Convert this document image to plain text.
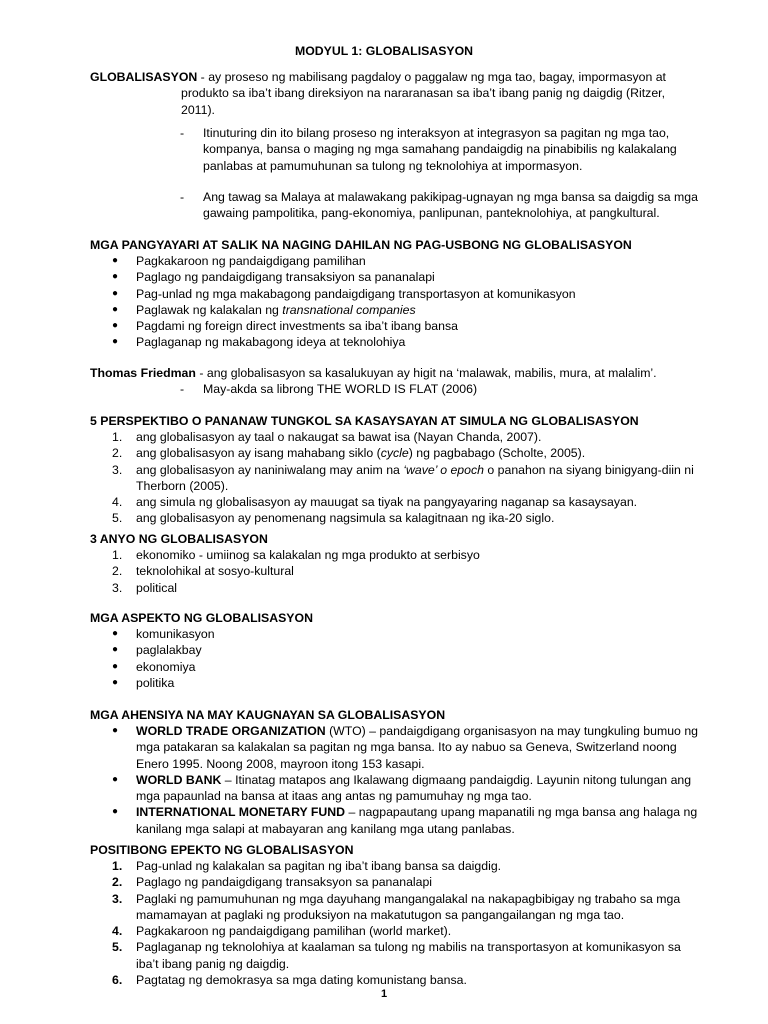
MODYUL 1: GLOBALISASYON

GLOBALISASYON - ay proseso ng mabilisang pagdaloy o paggalaw ng mga tao, bagay, impormasyon at

produkto sa iba’t ibang direksiyon na nararanasan sa iba’t ibang panig ng daigdig (Ritzer,

2011).

- Itinuturing din ito bilang proseso ng interaksyon at integrasyon sa pagitan ng mga tao, kompanya, bansa o maging ng mga samahang pandaigdig na pinabibilis ng kalakalang panlabas at pamumuhunan sa tulong ng teknolohiya at impormasyon.
- Ang tawag sa Malaya at malawakang pakikipag-ugnayan ng mga bansa sa daigdig sa mga gawaing pampolitika, pang-ekonomiya, panlipunan, panteknolohiya, at pangkultural.
MGA PANGYAYARI AT SALIK NA NAGING DAHILAN NG PAG-USBONG NG GLOBALISASYON
● Pagkakaroon ng pandaigdigang pamilihan
● Paglago ng pandaigdigang transaksiyon sa pananalapi
● Pag-unlad ng mga makabagong pandaigdigang transportasyon at komunikasyon
● Paglawak ng kalakalan ng transnational companies
● Pagdami ng foreign direct investments sa iba’t ibang bansa
● Paglaganap ng makabagong ideya at teknolohiya
Thomas Friedman - ang globalisasyon sa kasalukuyan ay higit na ‘malawak, mabilis, mura, at malalim’.
- May-akda sa librong THE WORLD IS FLAT (2006)
5 PERSPEKTIBO O PANANAW TUNGKOL SA KASAYSAYAN AT SIMULA NG GLOBALISASYON
1. ang globalisasyon ay taal o nakaugat sa bawat isa (Nayan Chanda, 2007).
2. ang globalisasyon ay isang mahabang siklo (cycle) ng pagbabago (Scholte, 2005).
3. ang globalisasyon ay naniniwalang may anim na ‘wave’ o epoch o panahon na siyang binigyang-diin ni Therborn (2005).
4. ang simula ng globalisasyon ay mauugat sa tiyak na pangyayaring naganap sa kasaysayan.
5. ang globalisasyon ay penomenang nagsimula sa kalagitnaan ng ika-20 siglo.
3 ANYO NG GLOBALISASYON
1. ekonomiko - umiinog sa kalakalan ng mga produkto at serbisyo
2. teknolohikal at sosyo-kultural
3. political
MGA ASPEKTO NG GLOBALISASYON
● komunikasyon
● paglalakbay
● ekonomiya
● politika
MGA AHENSIYA NA MAY KAUGNAYAN SA GLOBALISASYON
● WORLD TRADE ORGANIZATION (WTO) – pandaigdigang organisasyon na may tungkuling bumuo ng mga patakaran sa kalakalan sa pagitan ng mga bansa. Ito ay nabuo sa Geneva, Switzerland noong Enero 1995. Noong 2008, mayroon itong 153 kasapi.
● WORLD BANK – Itinatag matapos ang Ikalawang digmaang pandaigdig. Layunin nitong tulungan ang mga papaunlad na bansa at itaas ang antas ng pamumuhay ng mga tao.
● INTERNATIONAL MONETARY FUND – nagpapautang upang mapanatili ng mga bansa ang halaga ng kanilang mga salapi at mabayaran ang kanilang mga utang panlabas.
POSITIBONG EPEKTO NG GLOBALISASYON
1. Pag-unlad ng kalakalan sa pagitan ng iba’t ibang bansa sa daigdig.
2. Paglago ng pandaigdigang transaksyon sa pananalapi
3. Paglaki ng pamumuhunan ng mga dayuhang mangangalakal na nakapagbibigay ng trabaho sa mga mamamayan at paglaki ng produksiyon na makatutugon sa pangangailangan ng mga tao.
4. Pagkakaroon ng pandaigdigang pamilihan (world market).
5. Paglaganap ng teknolohiya at kaalaman sa tulong ng mabilis na transportasyon at komunikasyon sa iba’t ibang panig ng daigdig.
6. Pagtatag ng demokrasya sa mga dating komunistang bansa.
1
